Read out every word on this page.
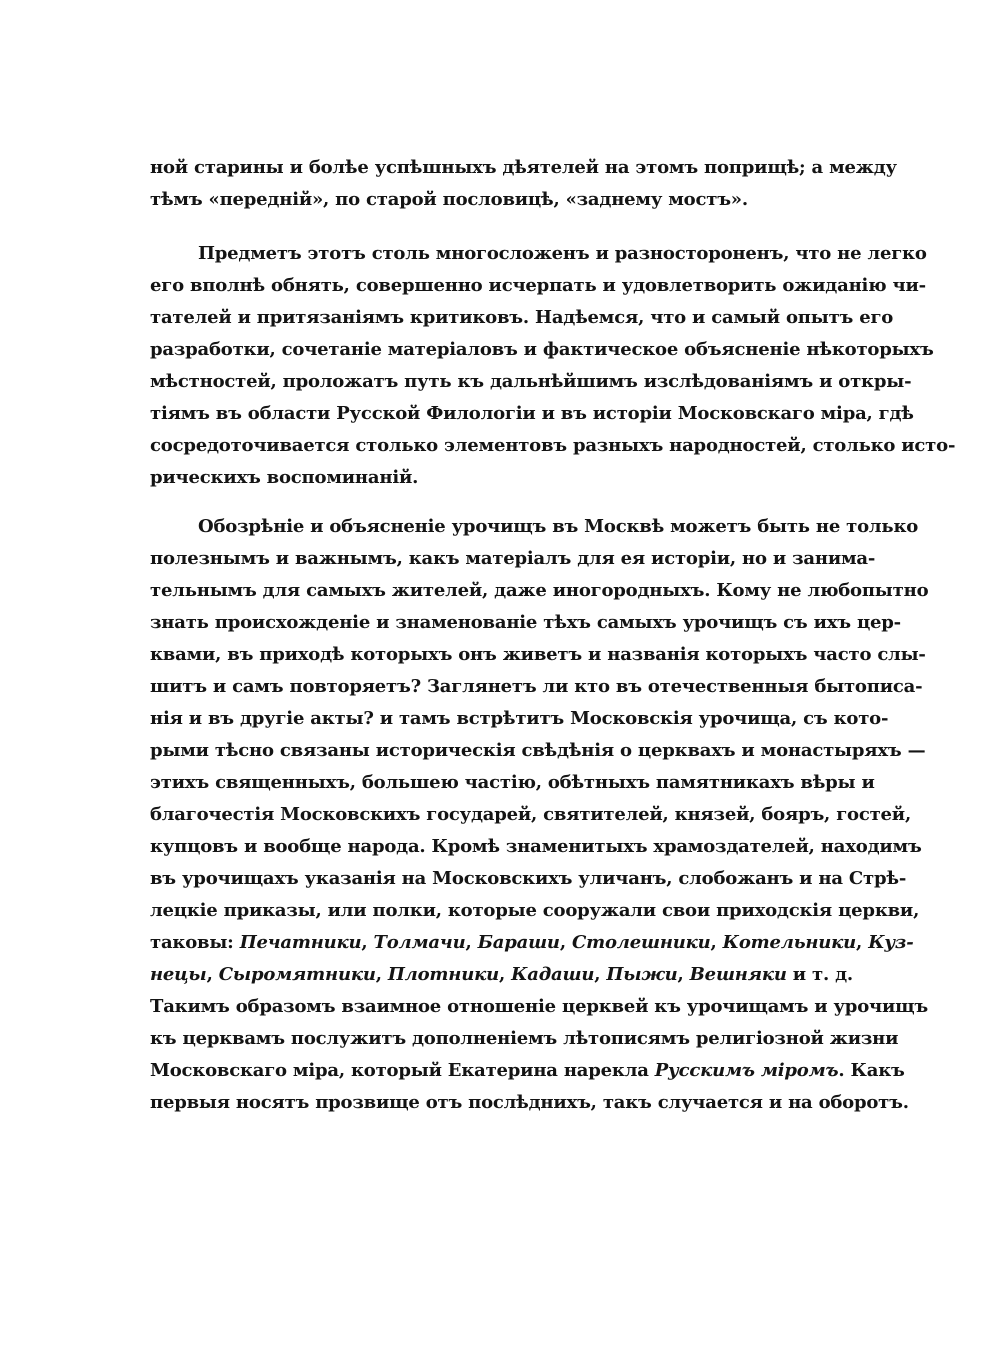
ной старины и болѣе успѣшныхъ дѣятелей на этомъ поприщѣ; а между
тѣмъ «передній», по старой пословицѣ, «заднему мостъ».
Предметъ этотъ столь многосложенъ и разностороненъ, что не легко
его вполнѣ обнять, совершенно исчерпать и удовлетворить ожиданію чи-
тателей и притязаніямъ критиковъ. Надѣемся, что и самый опытъ его
разработки, сочетаніе матеріаловъ и фактическое объясненіе нѣкоторыхъ
мѣстностей, проложатъ путь къ дальнѣйшимъ изслѣдованіямъ и откры-
тіямъ въ области Русской Филологіи и въ исторіи Московскаго міра, гдѣ
сосредоточивается столько элементовъ разныхъ народностей, столько исто-
рическихъ воспоминаній.
Обозрѣніе и объясненіе урочищъ въ Москвѣ можетъ быть не только
полезнымъ и важнымъ, какъ матеріалъ для ея исторіи, но и занима-
тельнымъ для самыхъ жителей, даже иногородныхъ. Кому не любопытно
знать происхожденіе и знаменованіе тѣхъ самыхъ урочищъ съ ихъ цер-
квами, въ приходѣ которыхъ онъ живетъ и названія которыхъ часто слы-
шитъ и самъ повторяетъ? Заглянетъ ли кто въ отечественныя бытописа-
нія и въ другіе акты? и тамъ встрѣтитъ Московскія урочища, съ кото-
рыми тѣсно связаны историческія свѣдѣнія о церквахъ и монастыряхъ —
этихъ священныхъ, большею частію, обѣтныхъ памятникахъ вѣры и
благочестія Московскихъ государей, святителей, князей, бояръ, гостей,
купцовъ и вообще народа. Кромѣ знаменитыхъ храмоздателей, находимъ
въ урочищахъ указанія на Московскихъ уличанъ, слобожанъ и на Стрѣ-
лецкіе приказы, или полки, которые сооружали свои приходскія церкви,
таковы: Печатники, Толмачи, Бараши, Столешники, Котельники, Куз-
нецы, Сыромятники, Плотники, Кадаши, Пыжи, Вешняки и т. д.
Такимъ образомъ взаимное отношеніе церквей къ урочищамъ и урочищъ
къ церквамъ послужитъ дополненіемъ лѣтописямъ религіозной жизни
Московскаго міра, который Екатерина нарекла Русскимъ міромъ. Какъ
первыя носятъ прозвище отъ послѣднихъ, такъ случается и на оборотъ.
